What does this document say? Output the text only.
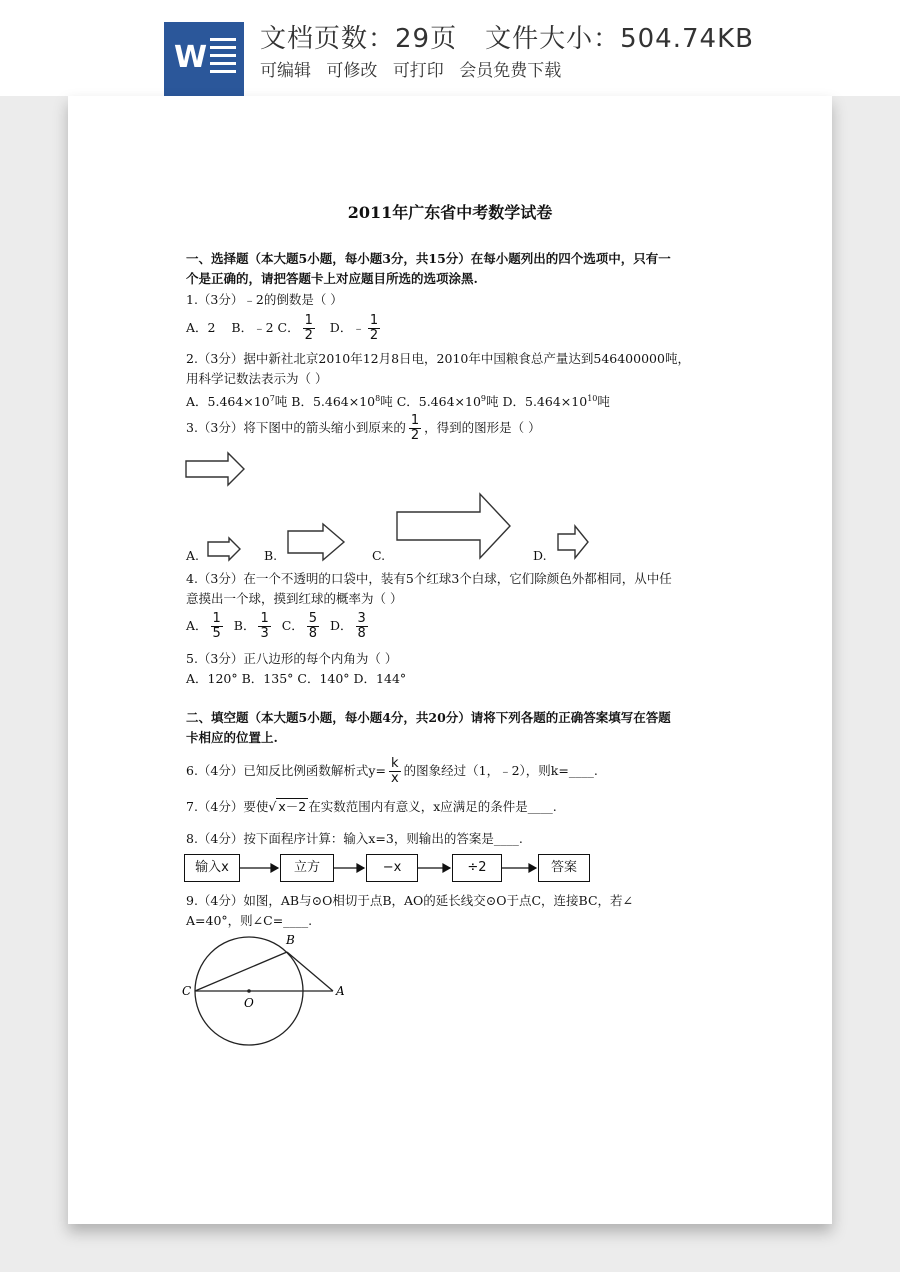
W
文档页数：29页 文件大小：504.74KB
可编辑 可修改 可打印 会员免费下载
2011年广东省中考数学试卷
一、选择题（本大题5小题，每小题3分，共15分）在每小题列出的四个选项中，只有一
个是正确的，请把答题卡上对应题目所选的选项涂黑.
1.（3分）﹣2的倒数是（ ）
A．2 B．﹣2 C． $\frac{1}{2}$ D．﹣ $\frac{1}{2}$
2.（3分）据中新社北京2010年12月8日电，2010年中国粮食总产量达到546400000吨，
用科学记数法表示为（ ）
A．$5.464\times 10^7$吨 B．$5.464\times 10^8$吨 C．$5.464\times 10^9$吨 D．$5.464\times 10^{10}$吨
3.（3分）将下图中的箭头缩小到原来的 $\frac{1}{2}$ ，得到的图形是（ ）
A.	B.	C.	D.
4.（3分）在一个不透明的口袋中，装有5个红球3个白球，它们除颜色外都相同，从中任
意摸出一个球，摸到红球的概率为（ ）
A． $\frac{1}{5}$ B． $\frac{1}{3}$ C． $\frac{5}{8}$ D． $\frac{3}{8}$
5.（3分）正八边形的每个内角为（ ）
A．120° B．135° C．140° D．144°
二、填空题（本大题5小题，每小题4分，共20分）请将下列各题的正确答案填写在答题
卡相应的位置上.
6.（4分）已知反比例函数解析式$y= \frac{k}{x}$ 的图象经过（1，﹣2），则k=____.
7.（4分）要使√ x－2 在实数范围内有意义，x应满足的条件是____.
8.（4分）按下面程序计算：输入x=3，则输出的答案是____.
输入x	立方	−x	÷2	答案
9.（4分）如图，AB与⊙O相切于点B，AO的延长线交⊙O于点C，连接BC，若∠
A=40°，则∠C=____.
B
C
O
A
